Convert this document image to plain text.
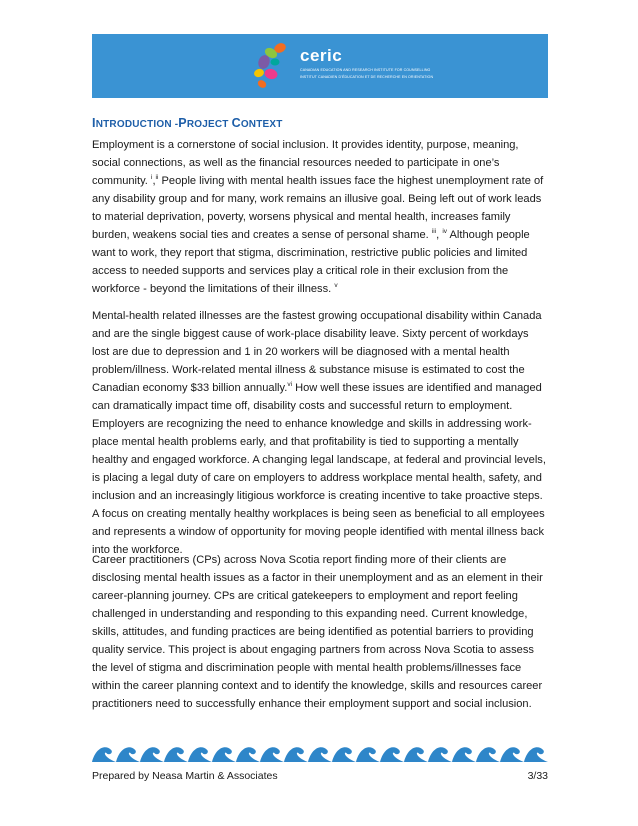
ceric
CANADIAN EDUCATION AND RESEARCH INSTITUTE FOR COUNSELLING
INSTITUT CANADIEN D'ÉDUCATION ET DE RECHERCHE EN ORIENTATION
INTRODUCTION -PROJECT CONTEXT

Employment is a cornerstone of social inclusion. It provides identity, purpose, meaning, social connections, as well as the financial resources needed to participate in one’s community. $^i$,$^{ii}$ People living with mental health issues face the highest unemployment rate of any disability group and for many, work remains an illusive goal. Being left out of work leads to material deprivation, poverty, worsens physical and mental health, increases family burden, weakens social ties and creates a sense of personal shame. $^{iii}$, $^{iv}$ Although people want to work, they report that stigma, discrimination, restrictive public policies and limited access to needed supports and services play a critical role in their exclusion from the workforce - beyond the limitations of their illness. $^v$

Mental-health related illnesses are the fastest growing occupational disability within Canada and are the single biggest cause of work-place disability leave. Sixty percent of workdays lost are due to depression and 1 in 20 workers will be diagnosed with a mental health problem/illness. Work-related mental illness & substance misuse is estimated to cost the Canadian economy $33 billion annually.$^{vi}$ How well these issues are identified and managed can dramatically impact time off, disability costs and successful return to employment. Employers are recognizing the need to enhance knowledge and skills in addressing work-place mental health problems early, and that profitability is tied to supporting a mentally healthy and engaged workforce. A changing legal landscape, at federal and provincial levels, is placing a legal duty of care on employers to address workplace mental health, safety, and inclusion and an increasingly litigious workforce is creating incentive to take proactive steps. A focus on creating mentally healthy workplaces is being seen as beneficial to all employees and represents a window of opportunity for moving people identified with mental illness back into the workforce.

Career practitioners (CPs) across Nova Scotia report finding more of their clients are disclosing mental health issues as a factor in their unemployment and as an element in their career-planning journey. CPs are critical gatekeepers to employment and report feeling challenged in understanding and responding to this expanding need. Current knowledge, skills, attitudes, and funding practices are being identified as potential barriers to providing quality service. This project is about engaging partners from across Nova Scotia to assess the level of stigma and discrimination people with mental health problems/illnesses face within the career planning context and to identify the knowledge, skills and resources career practitioners need to successfully enhance their employment support and social inclusion.

Prepared by Neasa Martin & Associates	3/33
